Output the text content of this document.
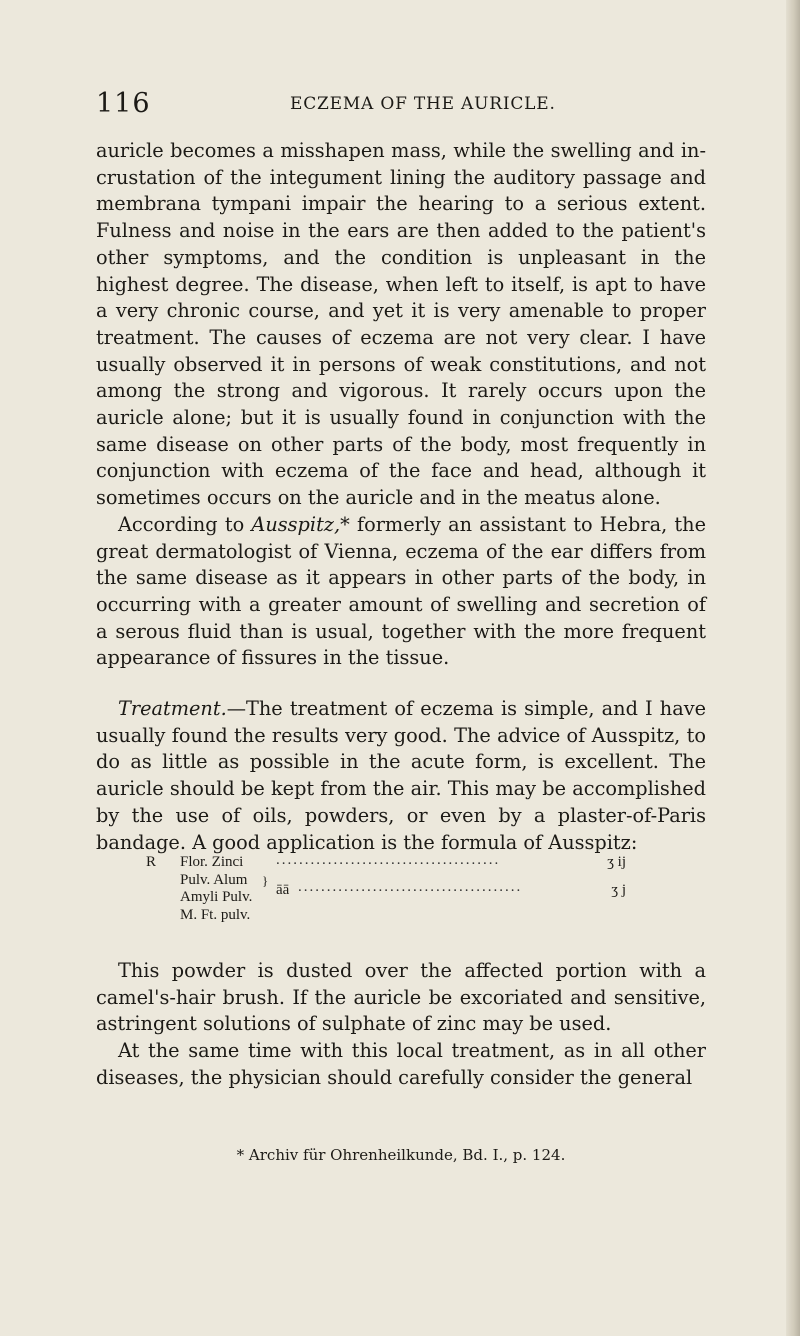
116	ECZEMA OF THE AURICLE.

auricle becomes a misshapen mass, while the swelling and in-crustation of the integument lining the auditory passage and membrana tympani impair the hearing to a serious extent. Fulness and noise in the ears are then added to the patient's other symptoms, and the condition is unpleasant in the highest degree. The disease, when left to itself, is apt to have a very chronic course, and yet it is very amenable to proper treatment. The causes of eczema are not very clear. I have usually observed it in persons of weak constitutions, and not among the strong and vigorous. It rarely occurs upon the auricle alone; but it is usually found in conjunction with the same disease on other parts of the body, most frequently in conjunction with eczema of the face and head, although it sometimes occurs on the auricle and in the meatus alone.

According to Ausspitz,* formerly an assistant to Hebra, the great dermatologist of Vienna, eczema of the ear differs from the same disease as it appears in other parts of the body, in occurring with a greater amount of swelling and secretion of a serous fluid than is usual, together with the more frequent appearance of fissures in the tissue.

Treatment.—The treatment of eczema is simple, and I have usually found the results very good. The advice of Ausspitz, to do as little as possible in the acute form, is excellent. The auricle should be kept from the air. This may be accomplished by the use of oils, powders, or even by a plaster-of-Paris bandage. A good application is the formula of Ausspitz:

R Flor. Zinci .......................................	ʒ ij
Pulv. Alum
Amyli Pulv.
}
āā .......................................	ʒ j
M. Ft. pulv.

This powder is dusted over the affected portion with a camel's-hair brush. If the auricle be excoriated and sensitive, astringent solutions of sulphate of zinc may be used.

At the same time with this local treatment, as in all other diseases, the physician should carefully consider the general

* Archiv für Ohrenheilkunde, Bd. I., p. 124.
